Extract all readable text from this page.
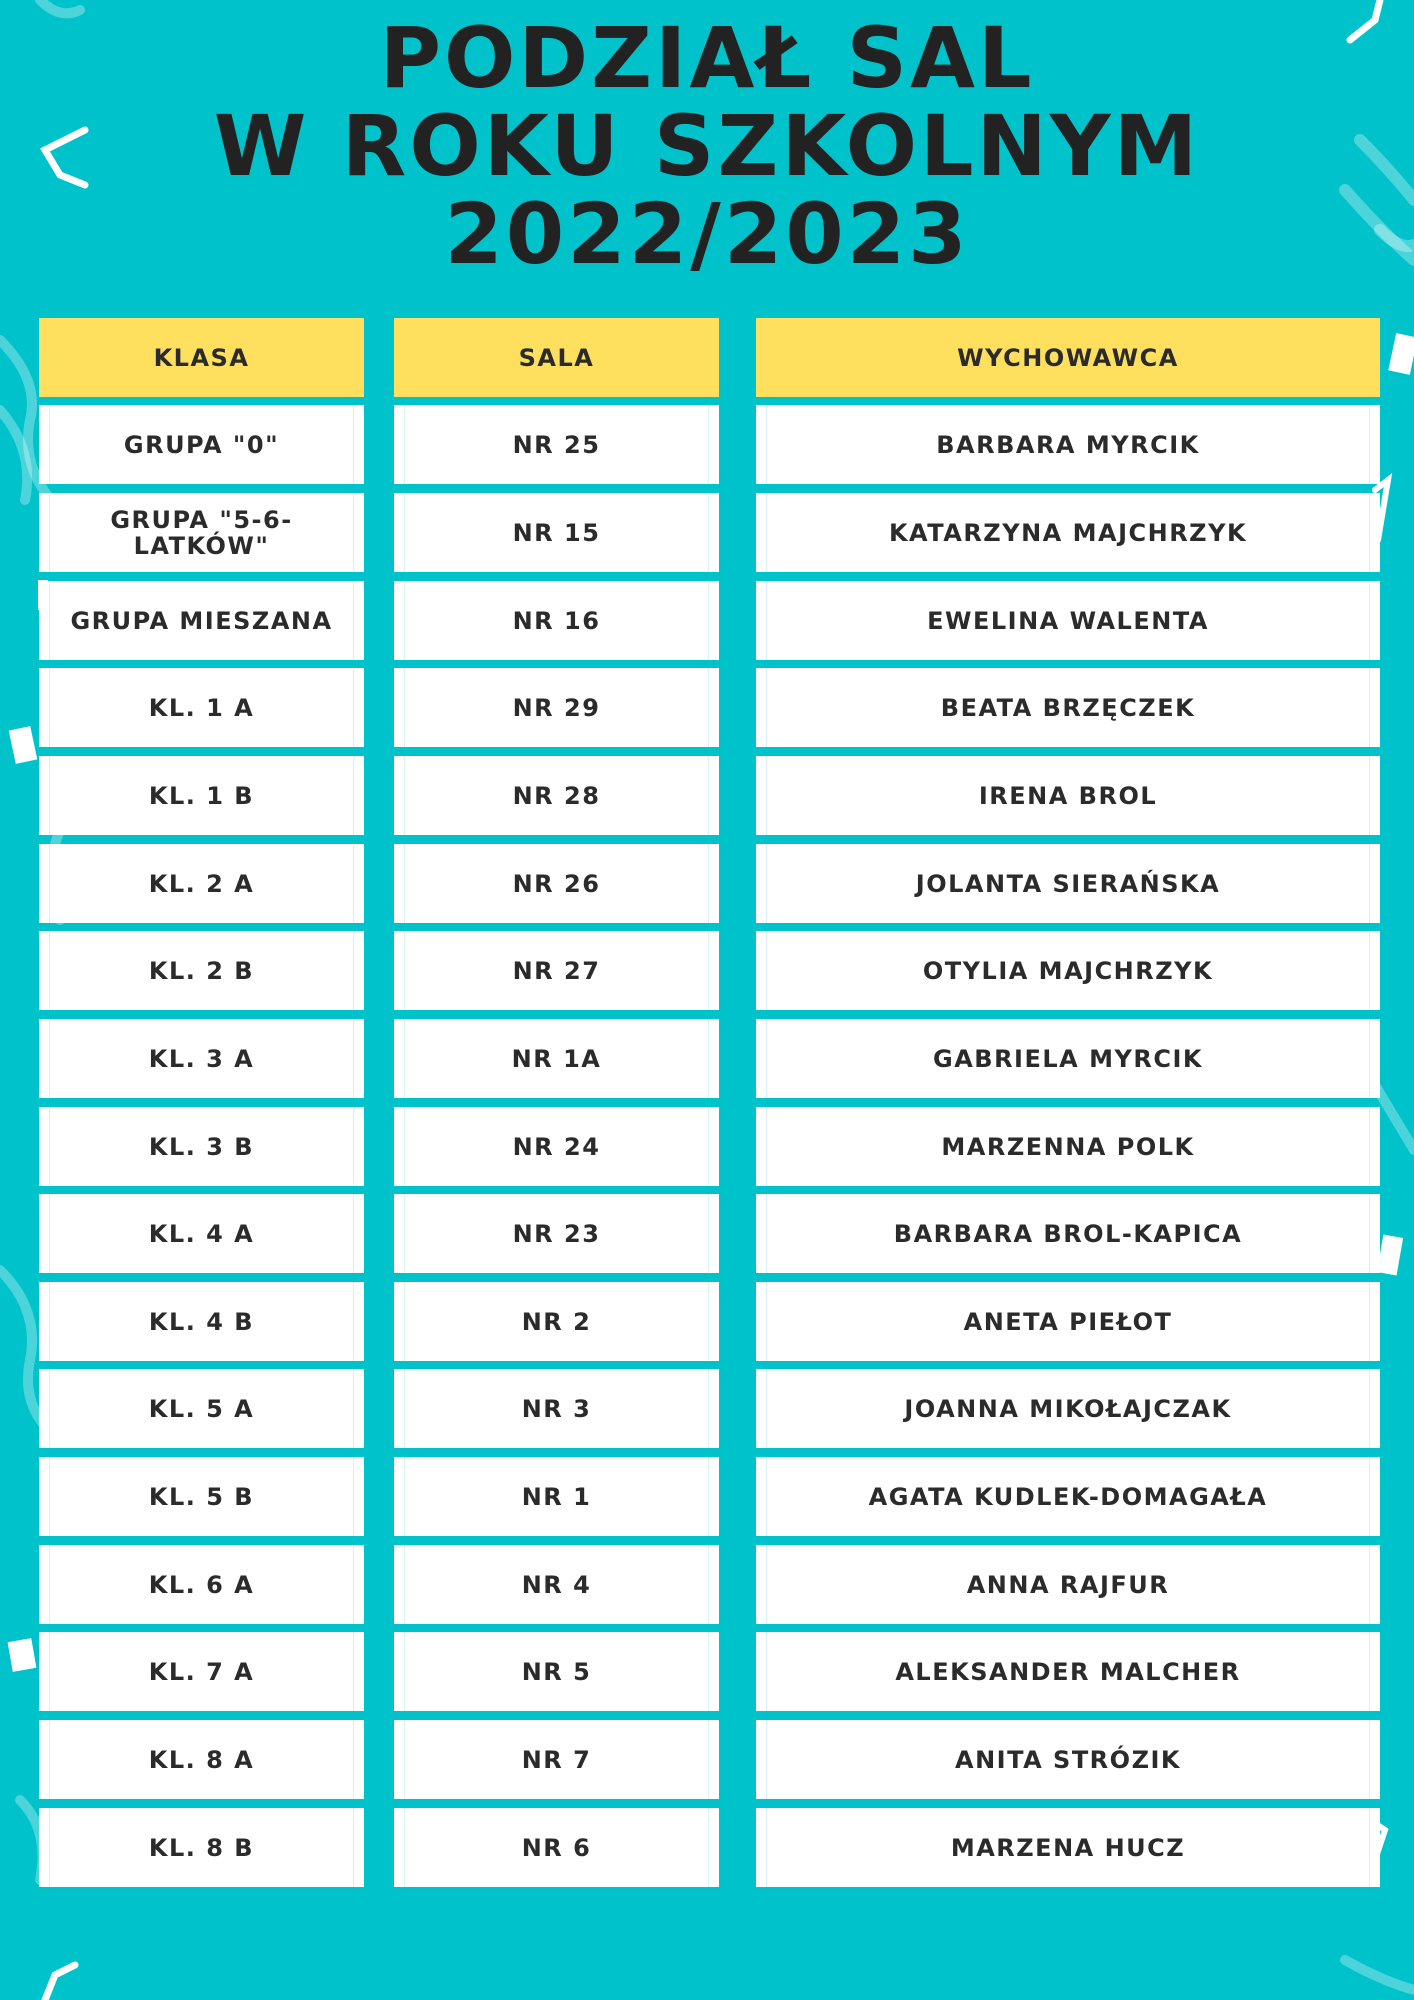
PODZIAŁ SAL
W ROKU SZKOLNYM
2022/2023
KLASA
GRUPA "0"
GRUPA "5-6-LATKÓW"
GRUPA MIESZANA
KL. 1 A
KL. 1 B
KL. 2 A
KL. 2 B
KL. 3 A
KL. 3 B
KL. 4 A
KL. 4 B
KL. 5 A
KL. 5 B
KL. 6 A
KL. 7 A
KL. 8 A
KL. 8 B
SALA
NR 25
NR 15
NR 16
NR 29
NR 28
NR 26
NR 27
NR 1A
NR 24
NR 23
NR 2
NR 3
NR 1
NR 4
NR 5
NR 7
NR 6
WYCHOWAWCA
BARBARA MYRCIK
KATARZYNA MAJCHRZYK
EWELINA WALENTA
BEATA BRZĘCZEK
IRENA BROL
JOLANTA SIERAŃSKA
OTYLIA MAJCHRZYK
GABRIELA MYRCIK
MARZENNA POLK
BARBARA BROL-KAPICA
ANETA PIEŁOT
JOANNA MIKOŁAJCZAK
AGATA KUDLEK-DOMAGAŁA
ANNA RAJFUR
ALEKSANDER MALCHER
ANITA STRÓZIK
MARZENA HUCZ
